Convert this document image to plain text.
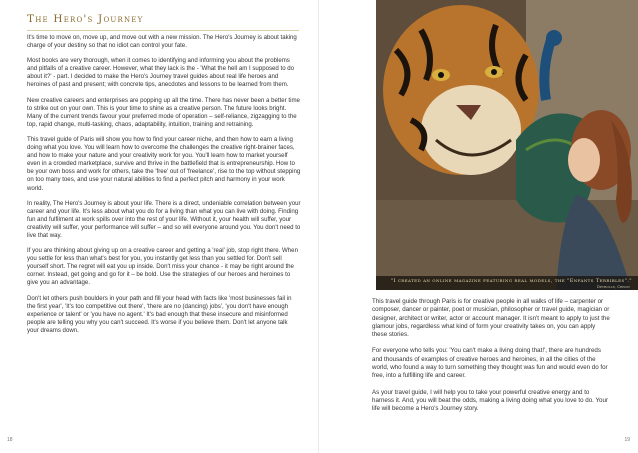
The Hero's Journey

It's time to move on, move up, and move out with a new mission. The Hero's Journey is about taking charge of your destiny so that no idiot can control your fate.

Most books are very thorough, when it comes to identifying and informing you about the problems and pitfalls of a creative career. However, what they lack is the - 'What the hell am I supposed to do about it?' - part. I decided to make the Hero's Journey travel guides about real life heroes and heroines of past and present; with concrete tips, anecdotes and lessons to be learned from them.

New creative careers and enterprises are popping up all the time. There has never been a better time to strike out on your own. This is your time to shine as a creative person. The future looks bright. Many of the current trends favour your preferred mode of operation – self-reliance, zigzagging to the top, rapid change, multi-tasking, chaos, adaptability, intuition, training and retraining.

This travel guide of Paris will show you how to find your career niche, and then how to earn a living doing what you love. You will learn how to overcome the challenges the creative right-brainer faces, and how to make your nature and your creativity work for you. You'll learn how to market yourself even in a crowded marketplace, survive and thrive in the battlefield that is entrepreneurship. How to be your own boss and work for others, take the 'free' out of 'freelance', rise to the top without stepping on too many toes, and use your natural abilities to find a perfect pitch and harmony in your work world.

In reality, The Hero's Journey is about your life. There is a direct, undeniable correlation between your career and your life. It's less about what you do for a living than what you can live with doing. Finding fun and fulfilment at work spills over into the rest of your life. Without it, your health will suffer, your creativity will suffer, your performance will suffer – and so will everyone around you. You don't need to live that way.

If you are thinking about giving up on a creative career and getting a 'real' job, stop right there. When you settle for less than what's best for you, you instantly get less than you settled for. Don't sell yourself short. The regret will eat you up inside. Don't miss your chance - it may be right around the corner. Instead, get going and go for it – be bold. Use the strategies of our heroes and heroines to give you an advantage.

Don't let others push boulders in your path and fill your head with facts like 'most businesses fail in the first year', 'It's too competitive out there', 'there are no (dancing) jobs', 'you don't have enough experience or talent' or 'you have no agent.' It's bad enough that these insecure and misinformed people are telling you why you can't succeed. It's worse if you believe them. Don't let anyone talk your dreams down.

18
"I created an online magazine featuring real models, the "Enfants Terribles"."
Deyrolle, Credit

This travel guide through Paris is for creative people in all walks of life – carpenter or composer, dancer or painter, poet or musician, philosopher or travel guide, magician or designer, architect or writer, actor or account manager. It isn't meant to apply to just the glamour jobs, regardless what kind of form your creativity takes on, you can apply these stories.

For everyone who tells you: 'You can't make a living doing that!', there are hundreds and thousands of examples of creative heroes and heroines, in all the cities of the world, who found a way to turn something they thought was fun and would even do for free, into a fulfilling life and career.

As your travel guide, I will help you to take your powerful creative energy and to harness it. And, you will beat the odds, making a living doing what you love to do. Your life will become a Hero's Journey story.

19
